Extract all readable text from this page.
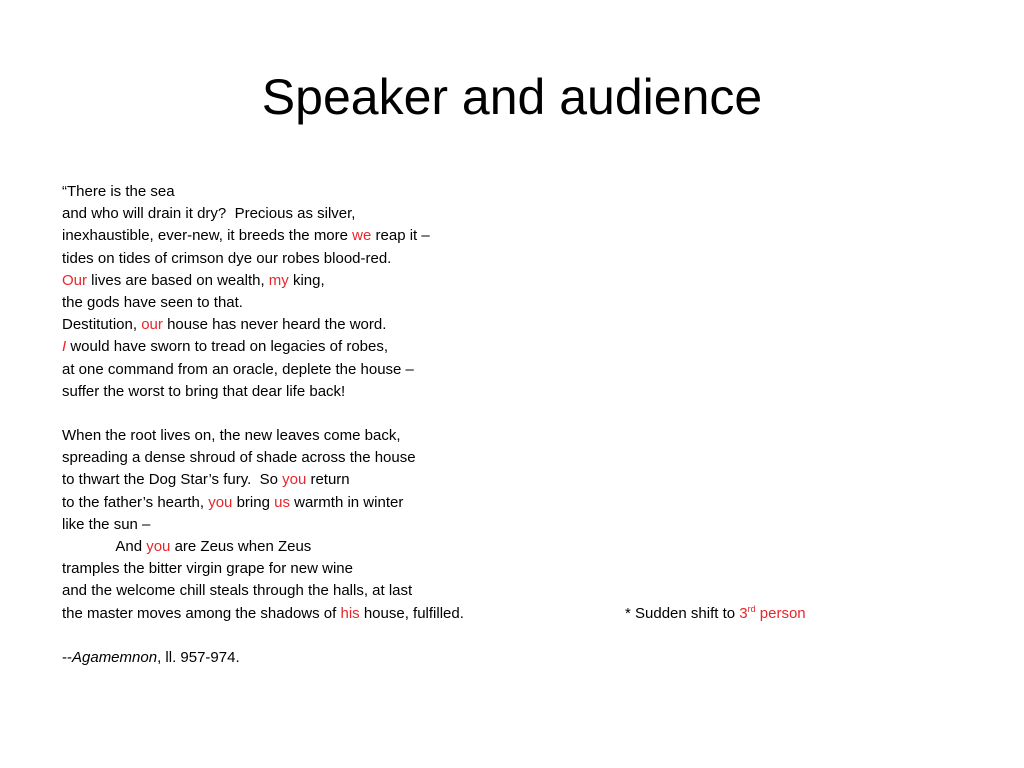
Speaker and audience
“There is the sea
and who will drain it dry?  Precious as silver,
inexhaustible, ever-new, it breeds the more we reap it –
tides on tides of crimson dye our robes blood-red.
Our lives are based on wealth, my king,
the gods have seen to that.
Destitution, our house has never heard the word.
I would have sworn to tread on legacies of robes,
at one command from an oracle, deplete the house –
suffer the worst to bring that dear life back!
When the root lives on, the new leaves come back,
spreading a dense shroud of shade across the house
to thwart the Dog Star’s fury.  So you return
to the father’s hearth, you bring us warmth in winter
like the sun –
And you are Zeus when Zeus
tramples the bitter virgin grape for new wine
and the welcome chill steals through the halls, at last
the master moves among the shadows of his house, fulfilled.
--Agamemnon, ll. 957-974.
* Sudden shift to 3rd person
